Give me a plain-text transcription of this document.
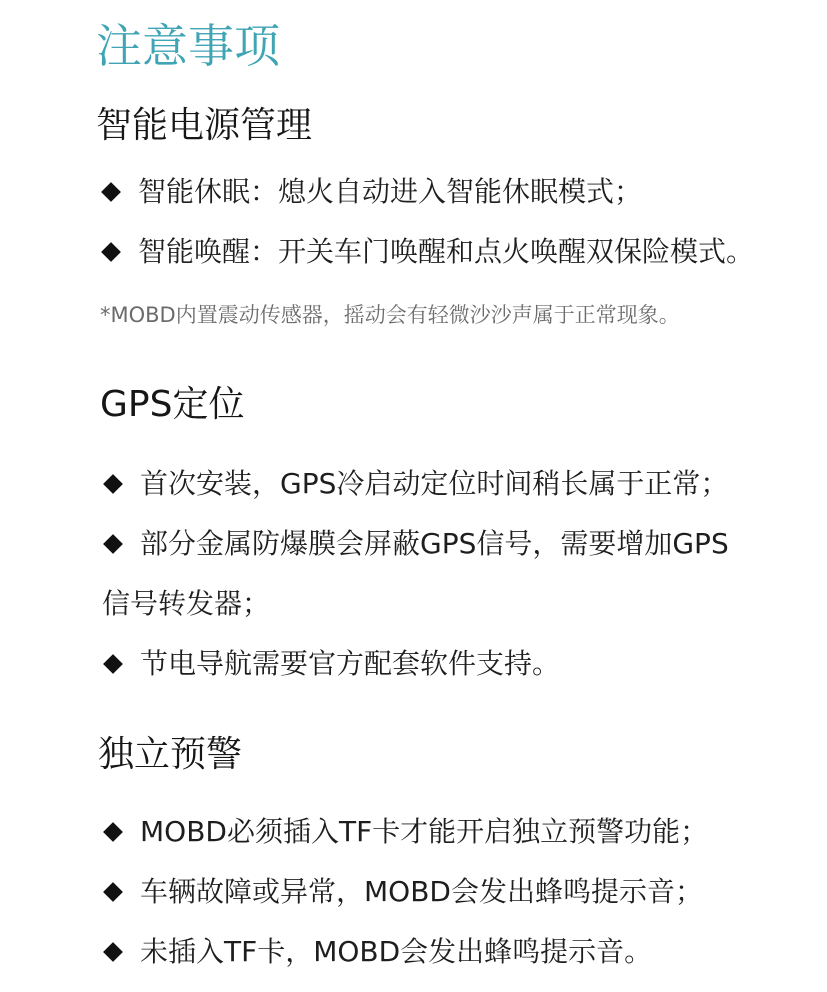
注意事项
智能电源管理
智能休眠：熄火自动进入智能休眠模式；
智能唤醒：开关车门唤醒和点火唤醒双保险模式。
*MOBD内置震动传感器，摇动会有轻微沙沙声属于正常现象。
GPS定位
首次安装，GPS冷启动定位时间稍长属于正常；
部分金属防爆膜会屏蔽GPS信号，需要增加GPS
信号转发器；
节电导航需要官方配套软件支持。
独立预警
MOBD必须插入TF卡才能开启独立预警功能；
车辆故障或异常，MOBD会发出蜂鸣提示音；
未插入TF卡，MOBD会发出蜂鸣提示音。
